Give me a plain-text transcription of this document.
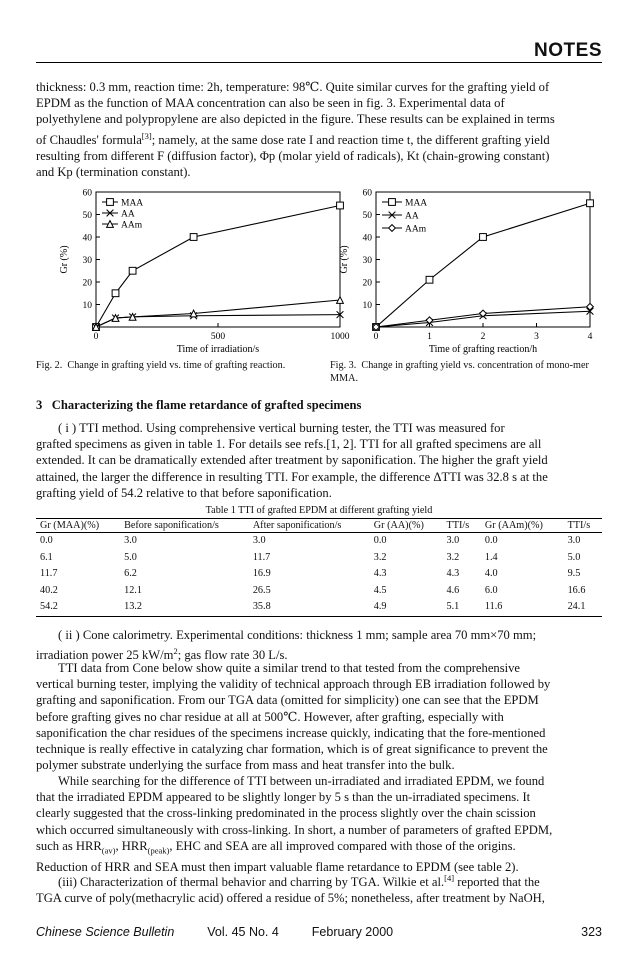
NOTES
thickness: 0.3 mm, reaction time: 2h, temperature: 98℃. Quite similar curves for the grafting yield of
EPDM as the function of MAA concentration can also be seen in fig. 3. Experimental data of
polyethylene and polypropylene are also depicted in the figure. These results can be explained in terms
of Chaudles' formula[3]; namely, at the same dose rate I and reaction time t, the different grafting yield
resulting from different F (diffusion factor), Φp (molar yield of radicals), Kt (chain-growing constant)
and Kp (termination constant).
10
20
30
40
50
60
0	500	1000
Time of irradiation/s
Gr (%)
MAA
AA
AAm
Fig. 2. Change in grafting yield vs. time of grafting reaction.
10
20
30
40
50
60
0	1	2	3	4
Time of grafting reaction/h
Gr (%)
MAA
AA
AAm
Fig. 3. Change in grafting yield vs. concentration of mono-mer MMA.
3 Characterizing the flame retardance of grafted specimens
( i ) TTI method. Using comprehensive vertical burning tester, the TTI was measured for
grafted specimens as given in table 1. For details see refs.[1, 2]. TTI for all grafted specimens are all
extended. It can be dramatically extended after treatment by saponification. The higher the graft yield
attained, the larger the difference in resulting TTI. For example, the difference ΔTTI was 32.8 s at the
grafting yield of 54.2 relative to that before saponification.
Table 1 TTI of grafted EPDM at different grafting yield
Gr (MAA)(%)	Before saponification/s	After saponification/s	Gr (AA)(%)	TTI/s	Gr (AAm)(%)	TTI/s
0.0	3.0	3.0	0.0	3.0	0.0	3.0
6.1	5.0	11.7	3.2	3.2	1.4	5.0
11.7	6.2	16.9	4.3	4.3	4.0	9.5
40.2	12.1	26.5	4.5	4.6	6.0	16.6
54.2	13.2	35.8	4.9	5.1	11.6	24.1
( ii ) Cone calorimetry. Experimental conditions: thickness 1 mm; sample area 70 mm×70 mm;
irradiation power 25 $kW/m^2$; gas flow rate 30 L/s.
TTI data from Cone below show quite a similar trend to that tested from the comprehensive
vertical burning tester, implying the validity of technical approach through EB irradiation followed by
grafting and saponification. From our TGA data (omitted for simplicity) one can see that the EPDM
before grafting gives no char residue at all at 500℃. However, after grafting, especially with
saponification the char residues of the specimens increase quickly, indicating that the fore-mentioned
technique is really effective in catalyzing char formation, which is of great significance to prevent the
polymer substrate underlying the surface from mass and heat transfer into the bulk.
While searching for the difference of TTI between un-irradiated and irradiated EPDM, we found
that the irradiated EPDM appeared to be slightly longer by 5 s than the un-irradiated specimens. It
clearly suggested that the cross-linking predominated in the process slightly over the chain scission
which occurred simultaneously with cross-linking. In short, a number of parameters of grafted EPDM,
such as $HRR_{(av)}$, $HRR_{(peak)}$, EHC and SEA are all improved compared with those of the origins.
Reduction of HRR and SEA must then impart valuable flame retardance to EPDM (see table 2).
(iii) Characterization of thermal behavior and charring by TGA. Wilkie et al.[4] reported that the
TGA curve of poly(methacrylic acid) offered a residue of 5%; nonetheless, after treatment by NaOH,
Chinese Science Bulletin	Vol. 45 No. 4	February 2000	323
